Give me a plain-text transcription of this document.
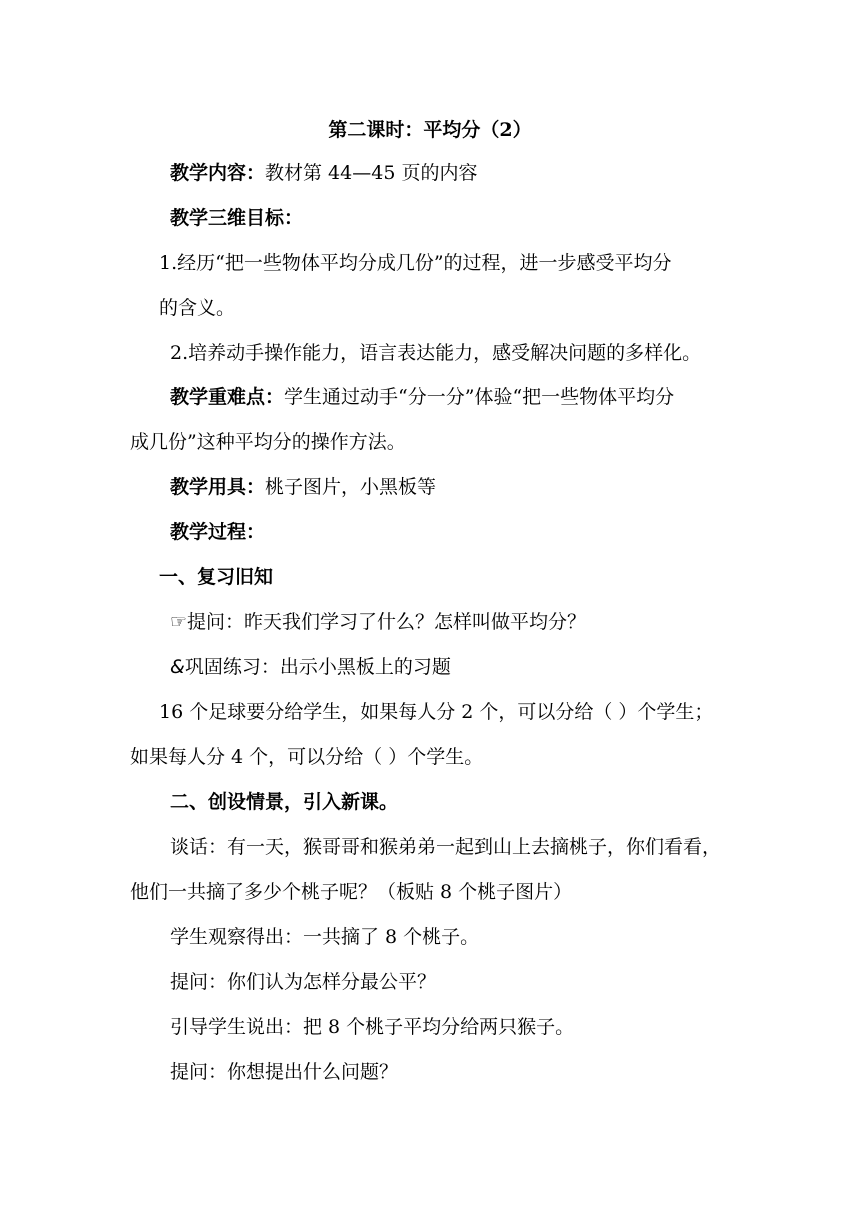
第二课时：平均分（2）
教学内容：教材第 44—45 页的内容
教学三维目标：
1.经历“把一些物体平均分成几份”的过程，进一步感受平均分
的含义。
2.培养动手操作能力，语言表达能力，感受解决问题的多样化。
教学重难点：学生通过动手“分一分”体验“把一些物体平均分
成几份”这种平均分的操作方法。
教学用具：桃子图片，小黑板等
教学过程：
一、复习旧知
☞提问：昨天我们学习了什么？怎样叫做平均分？
&巩固练习：出示小黑板上的习题
16 个足球要分给学生，如果每人分 2 个，可以分给（ ）个学生；
如果每人分 4 个，可以分给（ ）个学生。
二、创设情景，引入新课。
谈话：有一天，猴哥哥和猴弟弟一起到山上去摘桃子，你们看看，
他们一共摘了多少个桃子呢？（板贴 8 个桃子图片）
学生观察得出：一共摘了 8 个桃子。
提问：你们认为怎样分最公平？
引导学生说出：把 8 个桃子平均分给两只猴子。
提问：你想提出什么问题？
